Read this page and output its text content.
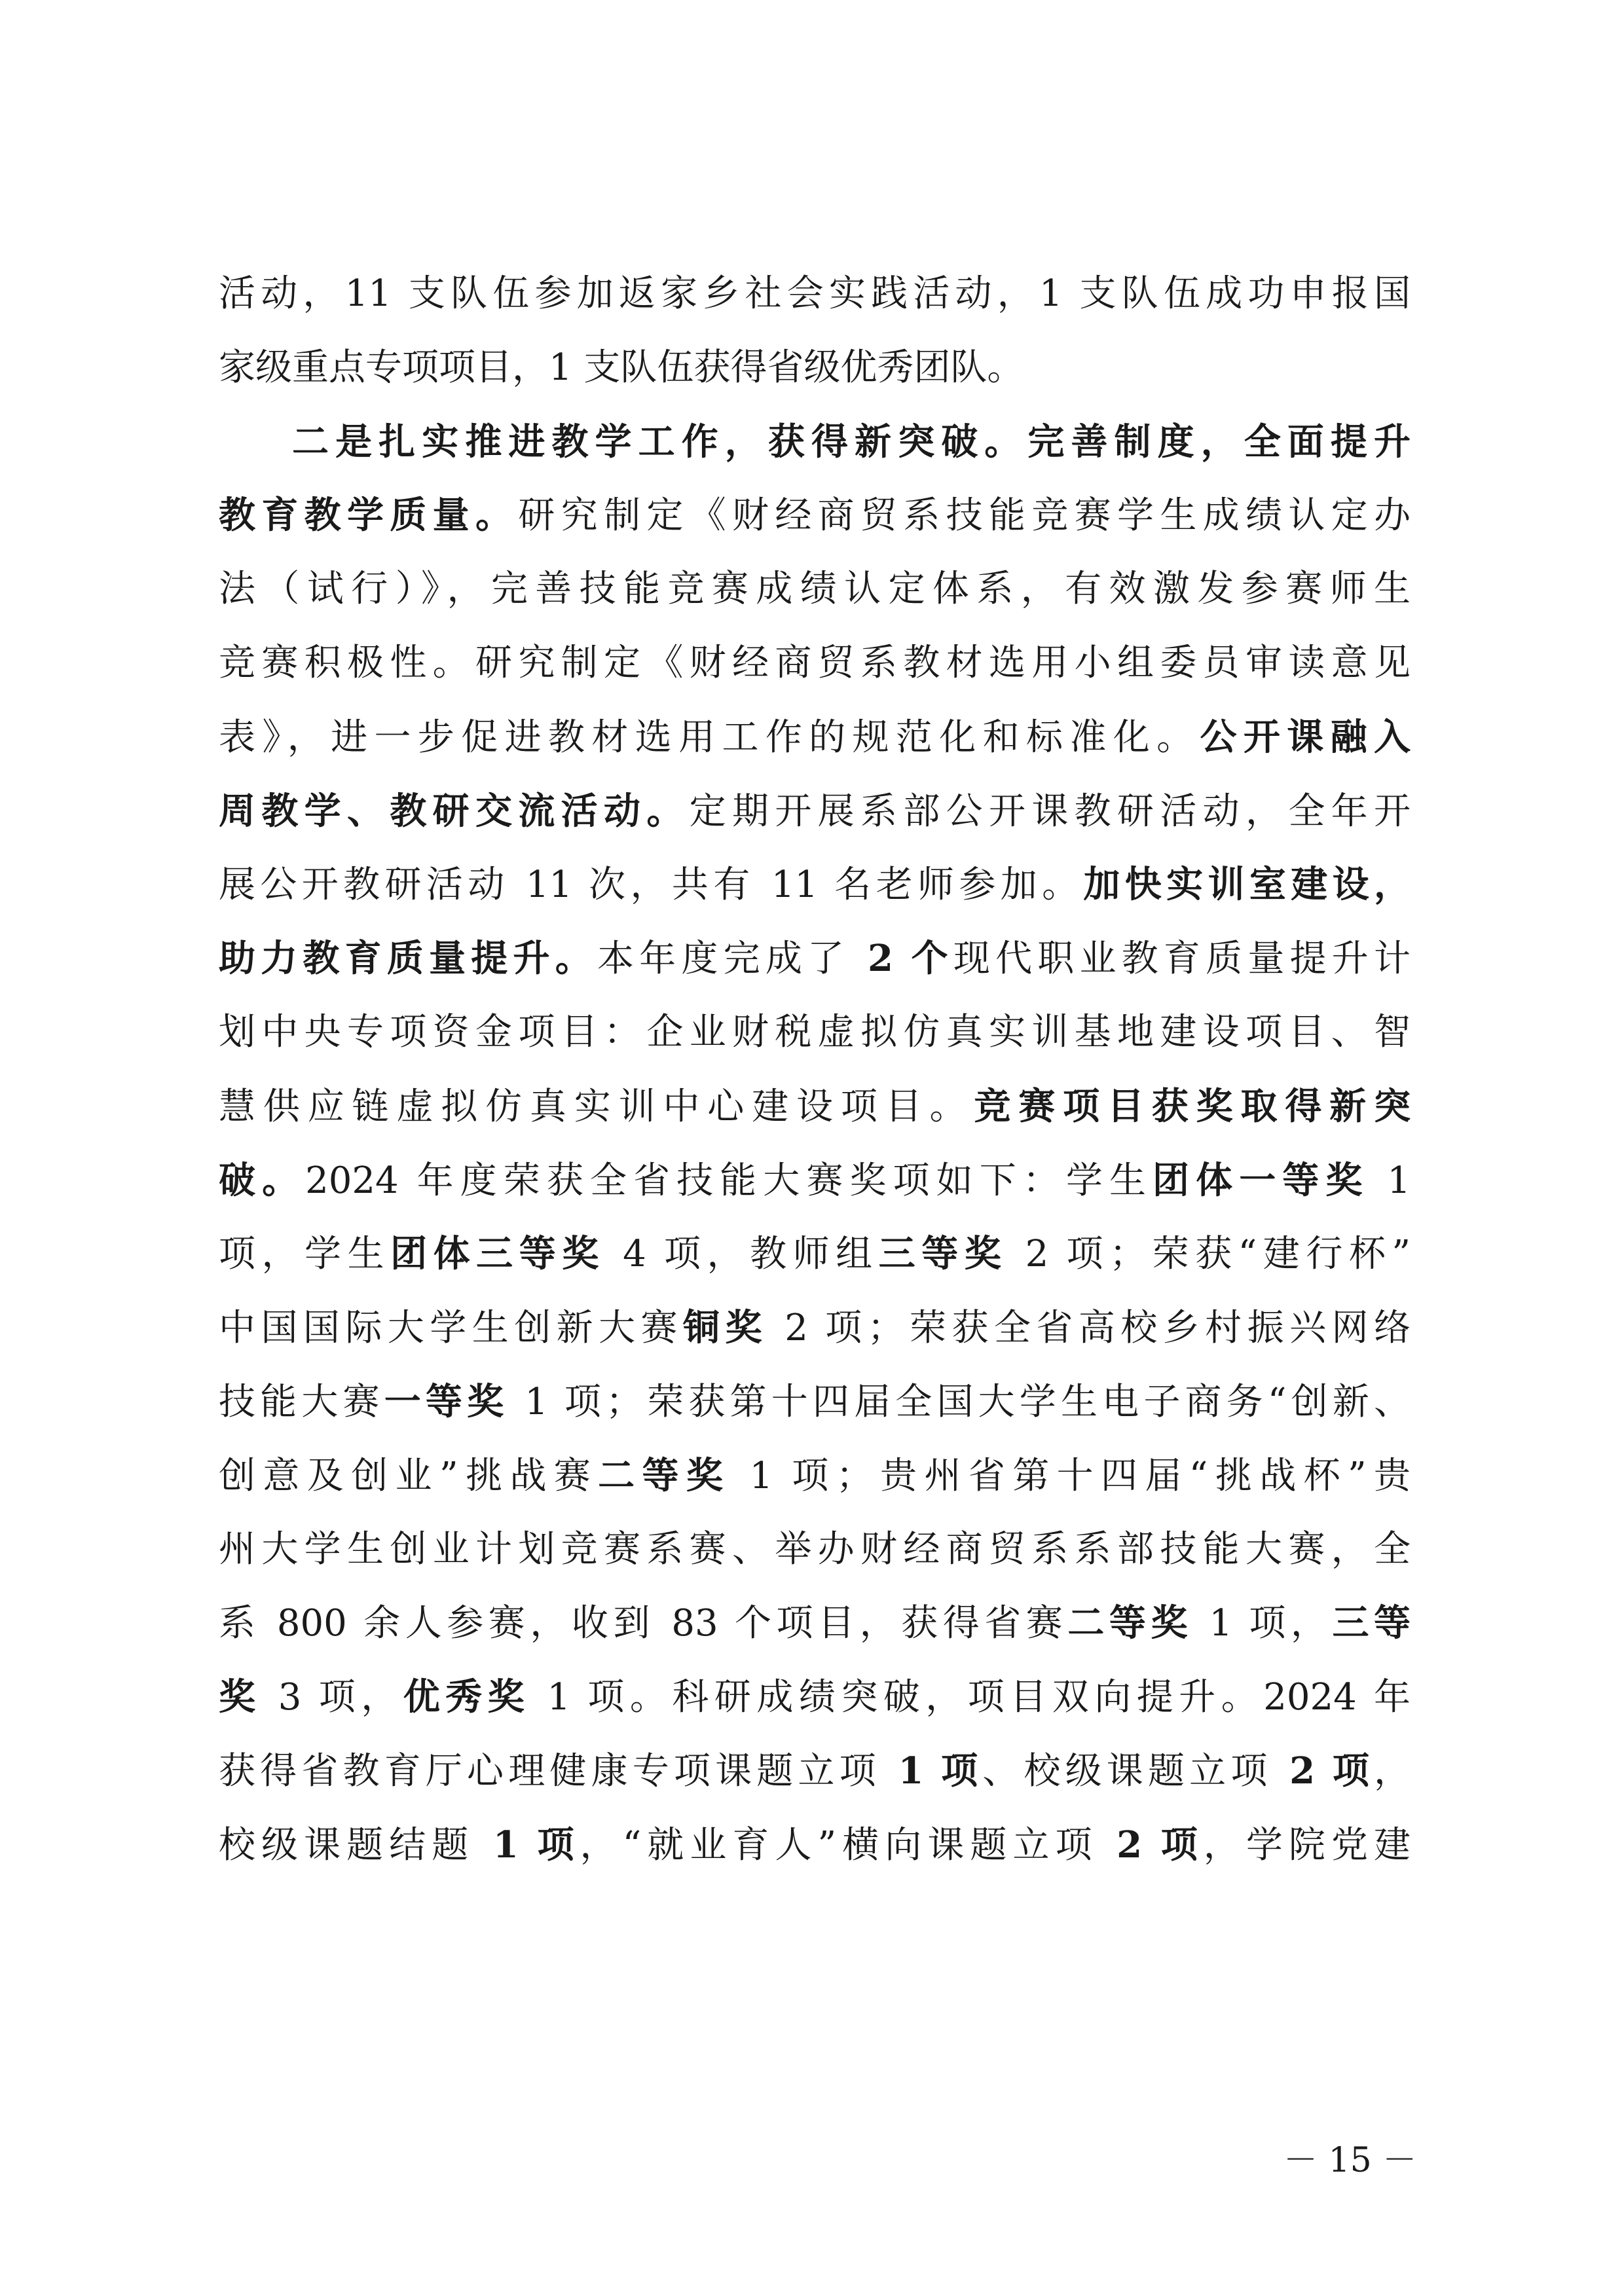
活动，11 支队伍参加返家乡社会实践活动，1 支队伍成功申报国
家级重点专项项目，1 支队伍获得省级优秀团队。
二是扎实推进教学工作，获得新突破。完善制度，全面提升
教育教学质量。研究制定《财经商贸系技能竞赛学生成绩认定办
法（试行）》，完善技能竞赛成绩认定体系，有效激发参赛师生
竞赛积极性。研究制定《财经商贸系教材选用小组委员审读意见
表》，进一步促进教材选用工作的规范化和标准化。公开课融入
周教学、教研交流活动。定期开展系部公开课教研活动，全年开
展公开教研活动 11 次，共有 11 名老师参加。加快实训室建设，
助力教育质量提升。本年度完成了 2 个现代职业教育质量提升计
划中央专项资金项目：企业财税虚拟仿真实训基地建设项目、智
慧供应链虚拟仿真实训中心建设项目。竞赛项目获奖取得新突
破。2024 年度荣获全省技能大赛奖项如下：学生团体一等奖 1
项，学生团体三等奖 4 项，教师组三等奖 2 项；荣获“建行杯”
中国国际大学生创新大赛铜奖 2 项；荣获全省高校乡村振兴网络
技能大赛一等奖 1 项；荣获第十四届全国大学生电子商务“创新、
创意及创业”挑战赛二等奖 1 项；贵州省第十四届“挑战杯”贵
州大学生创业计划竞赛系赛、举办财经商贸系系部技能大赛，全
系 800 余人参赛，收到 83 个项目，获得省赛二等奖 1 项，三等
奖 3 项，优秀奖 1 项。科研成绩突破，项目双向提升。2024 年
获得省教育厅心理健康专项课题立项 1 项、校级课题立项 2 项，
校级课题结题 1 项，“就业育人”横向课题立项 2 项，学院党建
－ 15 －
